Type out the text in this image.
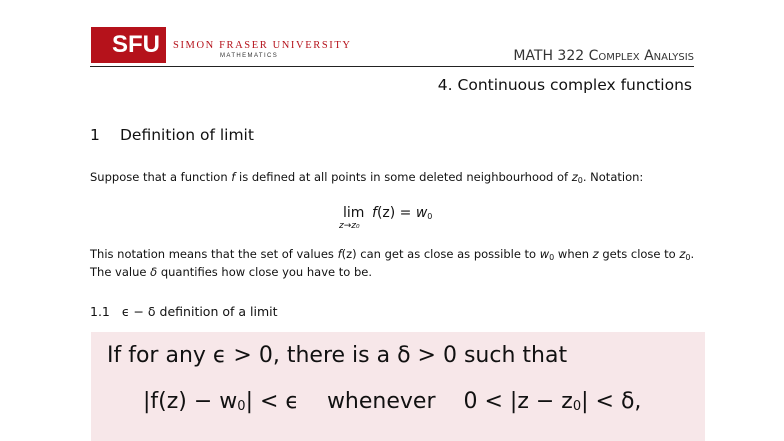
SFU SIMON FRASER UNIVERSITY
MATHEMATICS	MATH 322 Complex Analysis
4. Continuous complex functions
1 Definition of limit
Suppose that a function f is defined at all points in some deleted neighbourhood of $z_0$. Notation:
lim
z→z₀
$f(z) = w_0$
This notation means that the set of values f(z) can get as close as possible to $w_0$ when z gets close to $z_0$.
The value δ quantifies how close you have to be.
1.1 ϵ − δ definition of a limit
If for any ϵ > 0, there is a δ > 0 such that
|f(z) − w0| < ϵ whenever 0 < |z − z0| < δ,
